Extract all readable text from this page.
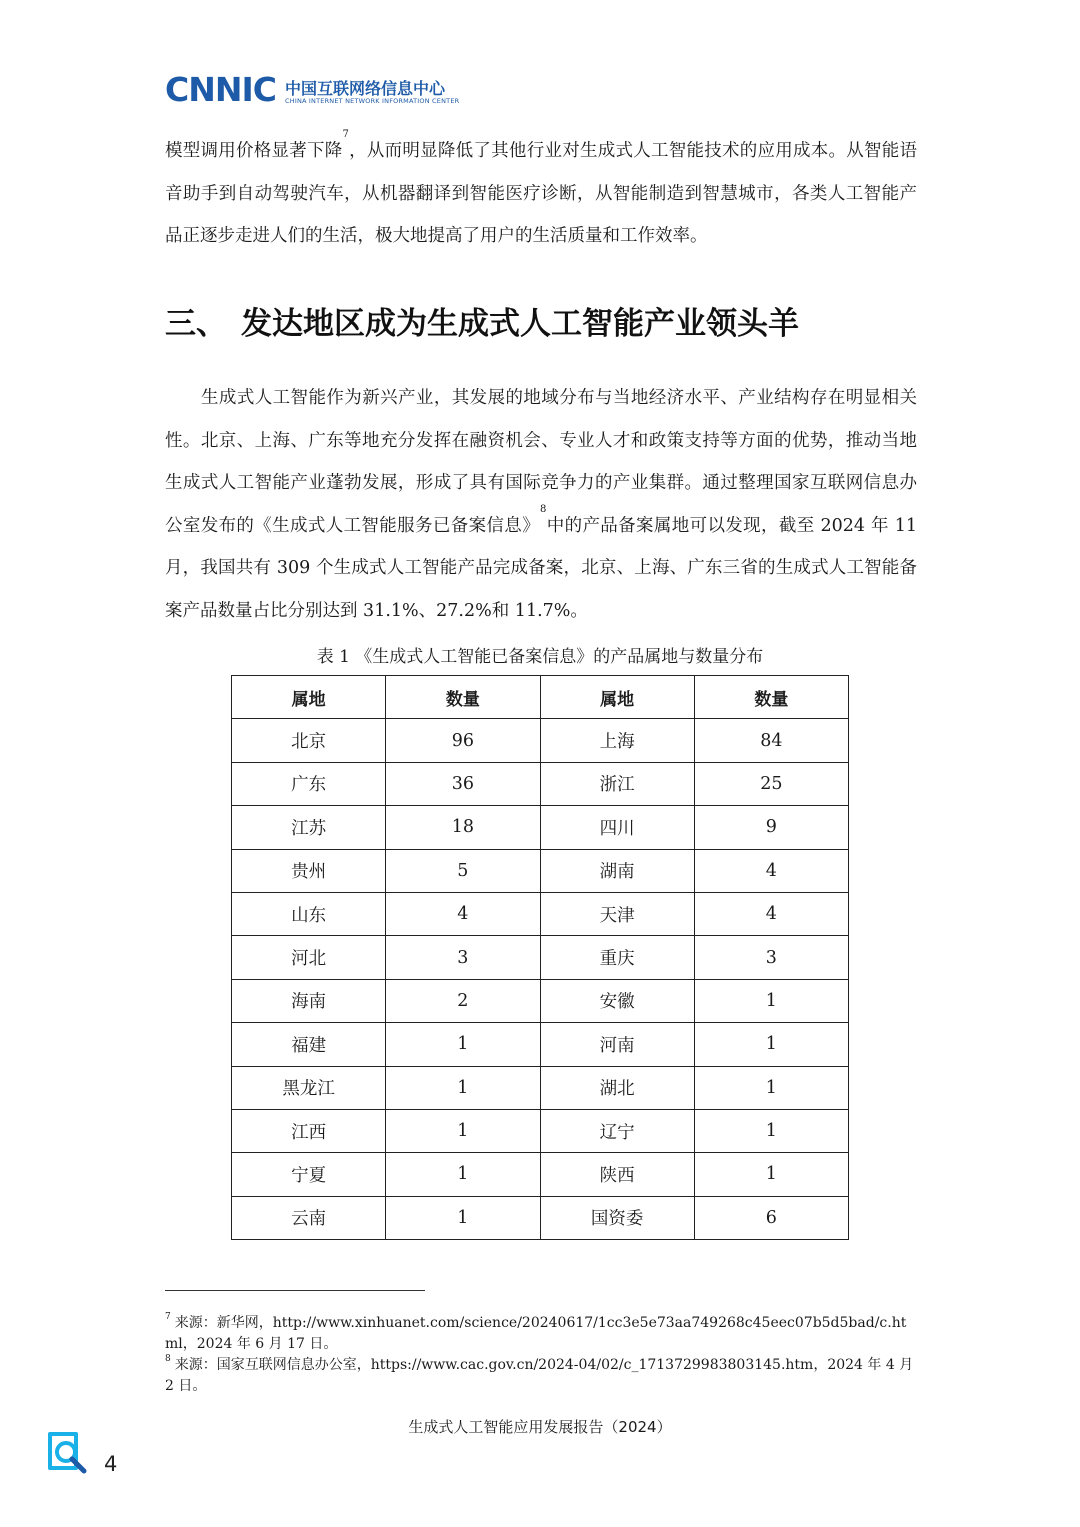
CNNIC 中国互联网络信息中心
CHINA INTERNET NETWORK INFORMATION CENTER

模型调用价格显著下降$^7$，从而明显降低了其他行业对生成式人工智能技术的应用成本。从智能语音助手到自动驾驶汽车，从机器翻译到智能医疗诊断，从智能制造到智慧城市，各类人工智能产品正逐步走进人们的生活，极大地提高了用户的生活质量和工作效率。

三、 发达地区成为生成式人工智能产业领头羊

生成式人工智能作为新兴产业，其发展的地域分布与当地经济水平、产业结构存在明显相关性。北京、上海、广东等地充分发挥在融资机会、专业人才和政策支持等方面的优势，推动当地生成式人工智能产业蓬勃发展，形成了具有国际竞争力的产业集群。通过整理国家互联网信息办公室发布的《生成式人工智能服务已备案信息》$^8$中的产品备案属地可以发现，截至 2024 年 11 月，我国共有 309 个生成式人工智能产品完成备案，北京、上海、广东三省的生成式人工智能备案产品数量占比分别达到 31.1%、27.2%和 11.7%。

表 1 《生成式人工智能已备案信息》的产品属地与数量分布
属地	数量	属地	数量
北京	96	上海	84
广东	36	浙江	25
江苏	18	四川	9
贵州	5	湖南	4
山东	4	天津	4
河北	3	重庆	3
海南	2	安徽	1
福建	1	河南	1
黑龙江	1	湖北	1
江西	1	辽宁	1
宁夏	1	陕西	1
云南	1	国资委	6

$^7$ 来源：新华网，http://www.xinhuanet.com/science/20240617/1cc3e5e73aa749268c45eec07b5d5bad/c.html，2024 年 6 月 17 日。

$^8$ 来源：国家互联网信息办公室，https://www.cac.gov.cn/2024-04/02/c_1713729983803145.htm，2024 年 4 月 2 日。

生成式人工智能应用发展报告（2024）
4
